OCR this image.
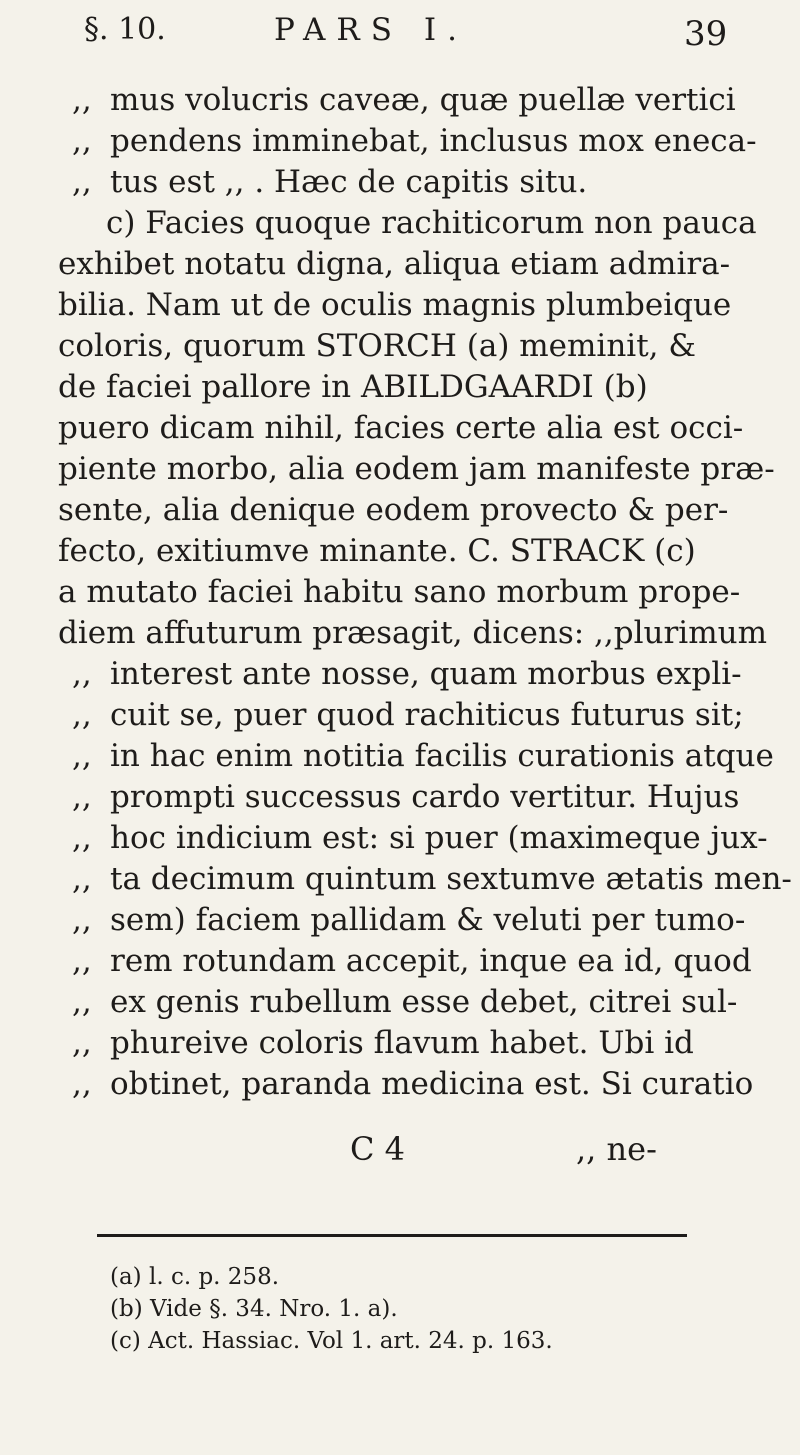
§. 10.	PARS I.	39
,, mus volucris caveæ, quæ puellæ vertici
,, pendens imminebat, inclusus mox eneca-
,, tus est ,, . Hæc de capitis situ.
c) Facies quoque rachiticorum non pauca
exhibet notatu digna, aliqua etiam admira-
bilia. Nam ut de oculis magnis plumbeique
coloris, quorum STORCH (a) meminit, &
de faciei pallore in ABILDGAARDI (b)
puero dicam nihil, facies certe alia est occi-
piente morbo, alia eodem jam manifeste præ-
sente, alia denique eodem provecto & per-
fecto, exitiumve minante. C. STRACK (c)
a mutato faciei habitu sano morbum prope-
diem affuturum præsagit, dicens: ,,plurimum
,, interest ante nosse, quam morbus expli-
,, cuit se, puer quod rachiticus futurus sit;
,, in hac enim notitia facilis curationis atque
,, prompti successus cardo vertitur. Hujus
,, hoc indicium est: si puer (maximeque jux-
,, ta decimum quintum sextumve ætatis men-
,, sem) faciem pallidam & veluti per tumo-
,, rem rotundam accepit, inque ea id, quod
,, ex genis rubellum esse debet, citrei sul-
,, phureive coloris flavum habet. Ubi id
,, obtinet, paranda medicina est. Si curatio
C 4	,, ne-
(a) l. c. p. 258.
(b) Vide §. 34. Nro. 1. a).
(c) Act. Hassiac. Vol 1. art. 24. p. 163.
